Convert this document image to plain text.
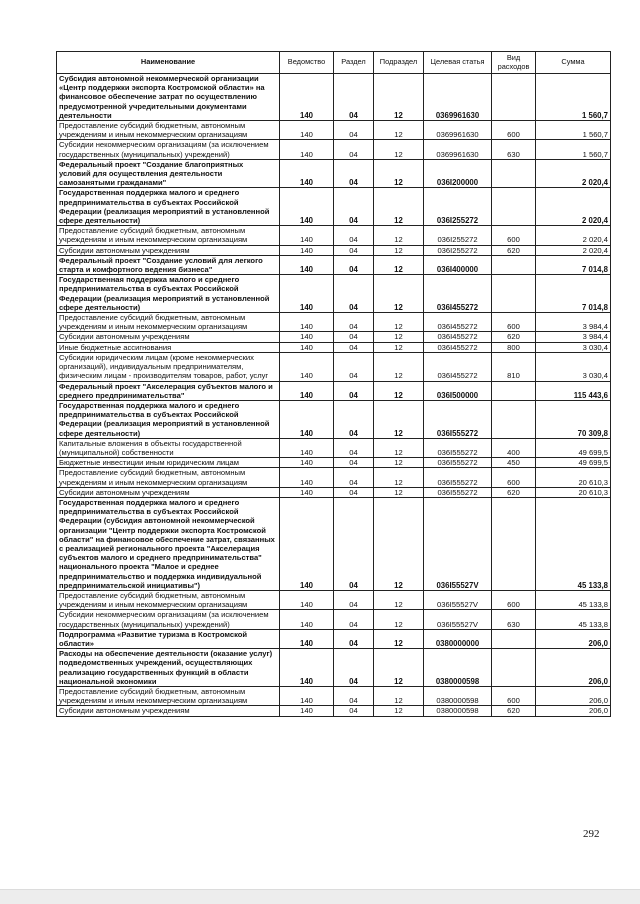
Наименование	Ведомство	Раздел	Подраздел	Целевая статья	Вид расходов	Сумма
Субсидия автономной некоммерческой организации «Центр поддержки экспорта Костромской области» на финансовое обеспечение затрат по осуществлению предусмотренной учредительными документами деятельности	140	04	12	0369961630		1 560,7
Предоставление субсидий бюджетным, автономным учреждениям и иным некоммерческим организациям	140	04	12	0369961630	600	1 560,7
Субсидии некоммерческим организациям (за исключением государственных (муниципальных) учреждений)	140	04	12	0369961630	630	1 560,7
Федеральный проект "Создание благоприятных условий для осуществления деятельности самозанятыми гражданами"	140	04	12	036I200000		2 020,4
Государственная поддержка малого и среднего предпринимательства в субъектах Российской Федерации (реализация мероприятий в установленной сфере деятельности)	140	04	12	036I255272		2 020,4
Предоставление субсидий бюджетным, автономным учреждениям и иным некоммерческим организациям	140	04	12	036I255272	600	2 020,4
Субсидии автономным учреждениям	140	04	12	036I255272	620	2 020,4
Федеральный проект "Создание условий для легкого старта и комфортного ведения бизнеса"	140	04	12	036I400000		7 014,8
Государственная поддержка малого и среднего предпринимательства в субъектах Российской Федерации (реализация мероприятий в установленной сфере деятельности)	140	04	12	036I455272		7 014,8
Предоставление субсидий бюджетным, автономным учреждениям и иным некоммерческим организациям	140	04	12	036I455272	600	3 984,4
Субсидии автономным учреждениям	140	04	12	036I455272	620	3 984,4
Иные бюджетные ассигнования	140	04	12	036I455272	800	3 030,4
Субсидии юридическим лицам (кроме некоммерческих организаций), индивидуальным предпринимателям, физическим лицам - производителям товаров, работ, услуг	140	04	12	036I455272	810	3 030,4
Федеральный проект "Акселерация субъектов малого и среднего предпринимательства"	140	04	12	036I500000		115 443,6
Государственная поддержка малого и среднего предпринимательства в субъектах Российской Федерации (реализация мероприятий в установленной сфере деятельности)	140	04	12	036I555272		70 309,8
Капитальные вложения в объекты государственной (муниципальной) собственности	140	04	12	036I555272	400	49 699,5
Бюджетные инвестиции иным юридическим лицам	140	04	12	036I555272	450	49 699,5
Предоставление субсидий бюджетным, автономным учреждениям и иным некоммерческим организациям	140	04	12	036I555272	600	20 610,3
Субсидии автономным учреждениям	140	04	12	036I555272	620	20 610,3
Государственная поддержка малого и среднего предпринимательства в субъектах Российской Федерации (субсидия автономной некоммерческой организации "Центр поддержки экспорта Костромской области" на финансовое обеспечение затрат, связанных с реализацией регионального проекта "Акселерация субъектов малого и среднего предпринимательства" национального проекта "Малое и среднее предпринимательство и поддержка индивидуальной предпринимательской инициативы")	140	04	12	036I55527V		45 133,8
Предоставление субсидий бюджетным, автономным учреждениям и иным некоммерческим организациям	140	04	12	036I55527V	600	45 133,8
Субсидии некоммерческим организациям (за исключением государственных (муниципальных) учреждений)	140	04	12	036I55527V	630	45 133,8
Подпрограмма «Развитие туризма в Костромской области»	140	04	12	0380000000		206,0
Расходы на обеспечение деятельности (оказание услуг) подведомственных учреждений, осуществляющих реализацию государственных функций в области национальной экономики	140	04	12	0380000598		206,0
Предоставление субсидий бюджетным, автономным учреждениям и иным некоммерческим организациям	140	04	12	0380000598	600	206,0
Субсидии автономным учреждениям	140	04	12	0380000598	620	206,0
292
